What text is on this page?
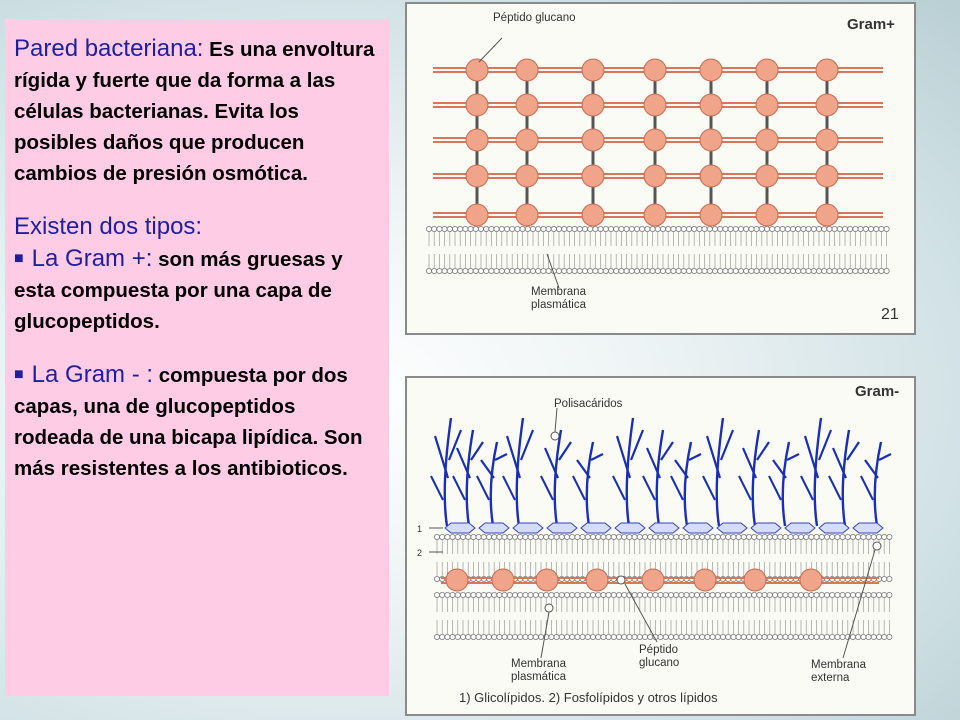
Pared bacteriana: Es una envoltura rígida y fuerte que da forma a las células bacterianas. Evita los posibles daños que producen cambios de presión osmótica.

Existen dos tipos:

■ La Gram +: son más gruesas y esta compuesta por una capa de glucopeptidos.

■ La Gram - : compuesta por dos capas, una de glucopeptidos rodeada de una bicapa lipídica. Son más resistentes a los antibioticos.

Péptido glucano	Gram+
Membrana plasmática
21
Gram-
Polisacáridos
1
2
Membrana plasmática
Péptido glucano	Membrana externa
1) Glicolípidos. 2) Fosfolípidos y otros lípidos
